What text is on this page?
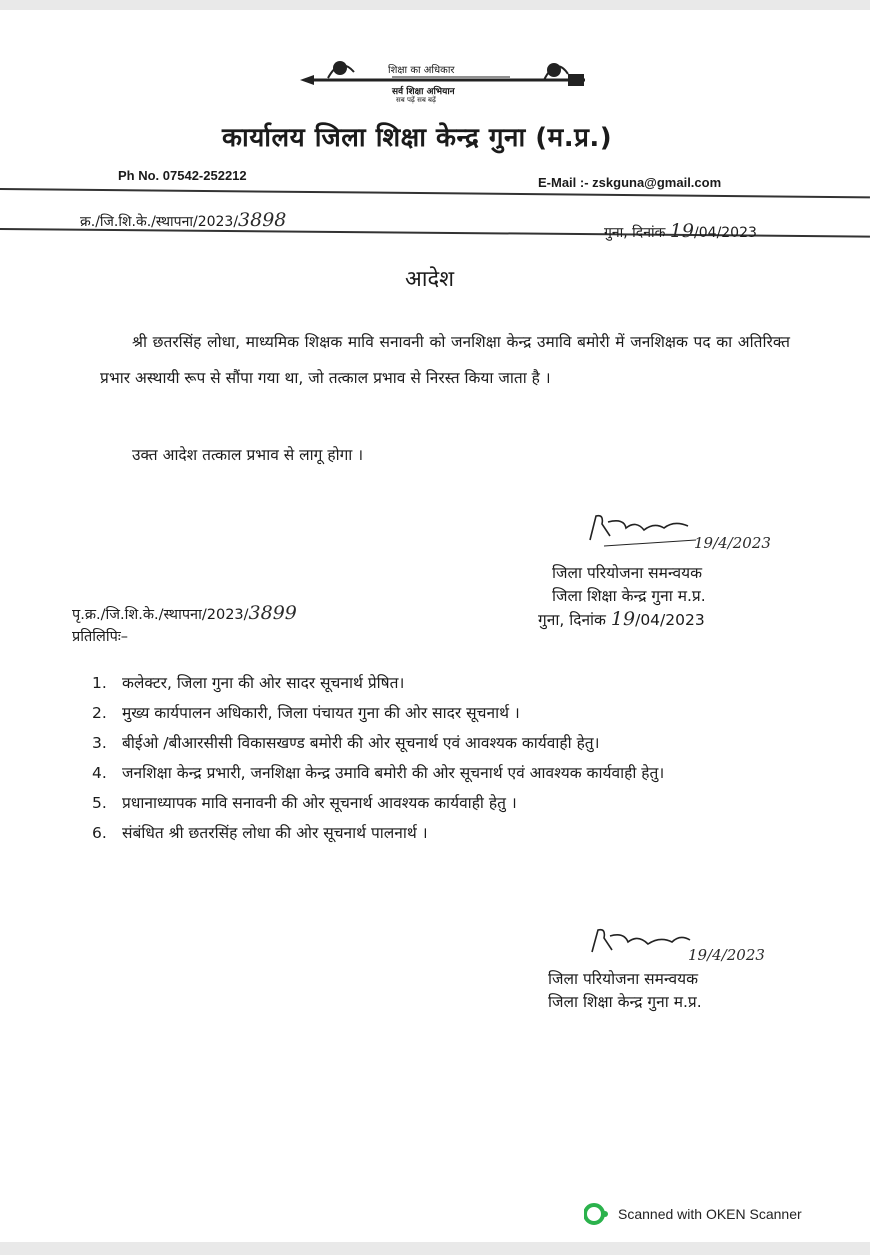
शिक्षा का अधिकार
सर्व शिक्षा अभियान
सब पढ़ें सब बढ़ें
कार्यालय जिला शिक्षा केन्द्र गुना (म.प्र.)
Ph No. 07542-252212	E-Mail :- zskguna@gmail.com
क्र./जि.शि.के./स्थापना/2023/3898
गुना, दिनांक 19/04/2023
आदेश
श्री छतरसिंह लोधा, माध्यमिक शिक्षक मावि सनावनी को जनशिक्षा केन्द्र उमावि बमोरी में जनशिक्षक पद का अतिरिक्त प्रभार अस्थायी रूप से सौंपा गया था, जो तत्काल प्रभाव से निरस्त किया जाता है ।
उक्त आदेश तत्काल प्रभाव से लागू होगा ।
19/4/2023
जिला परियोजना समन्वयक
जिला शिक्षा केन्द्र गुना म.प्र.
पृ.क्र./जि.शि.के./स्थापना/2023/3899
प्रतिलिपिः–
गुना, दिनांक 19/04/2023
1. कलेक्टर, जिला गुना की ओर सादर सूचनार्थ प्रेषित।
2. मुख्य कार्यपालन अधिकारी, जिला पंचायत गुना की ओर सादर सूचनार्थ ।
3. बीईओ /बीआरसीसी विकासखण्ड बमोरी की ओर सूचनार्थ एवं आवश्यक कार्यवाही हेतु।
4. जनशिक्षा केन्द्र प्रभारी, जनशिक्षा केन्द्र उमावि बमोरी की ओर सूचनार्थ एवं आवश्यक कार्यवाही हेतु।
5. प्रधानाध्यापक मावि सनावनी की ओर सूचनार्थ आवश्यक कार्यवाही हेतु ।
6. संबंधित श्री छतरसिंह लोधा की ओर सूचनार्थ पालनार्थ ।
19/4/2023
जिला परियोजना समन्वयक
जिला शिक्षा केन्द्र गुना म.प्र.
Scanned with OKEN Scanner
